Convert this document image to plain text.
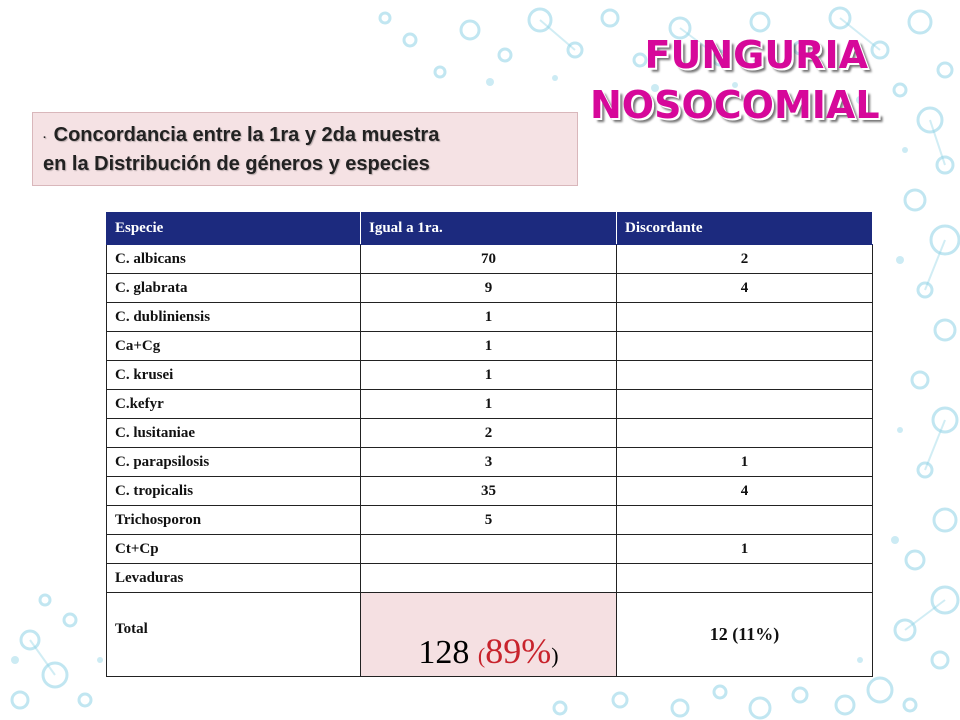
FUNGURIA
NOSOCOMIAL
. Concordancia entre la 1ra y 2da muestra
en la Distribución de géneros y especies
Especie	Igual a 1ra.	Discordante
C. albicans	70	2
C. glabrata	9	4
C. dubliniensis	1	
Ca+Cg	1	
C. krusei	1	
C.kefyr	1	
C. lusitaniae	2	
C. parapsilosis	3	1
C. tropicalis	35	4
Trichosporon	5	
Ct+Cp		1
Levaduras		
Total	128 (89%)	12 (11%)
